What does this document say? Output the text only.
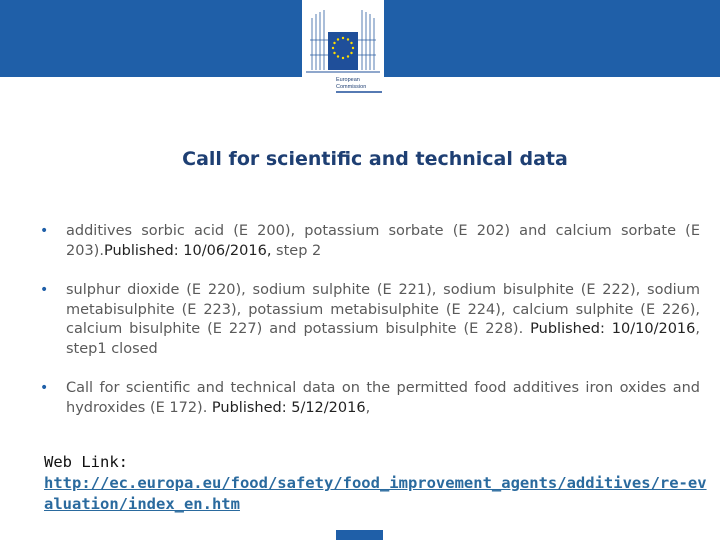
European
Commission
Call for scientific and technical data
• additives sorbic acid (E 200), potassium sorbate (E 202) and calcium sorbate (E 203).Published: 10/06/2016, step 2
• sulphur dioxide (E 220), sodium sulphite (E 221), sodium bisulphite (E 222), sodium metabisulphite (E 223), potassium metabisulphite (E 224), calcium sulphite (E 226), calcium bisulphite (E 227) and potassium bisulphite (E 228). Published: 10/10/2016, step1 closed
• Call for scientific and technical data on the permitted food additives iron oxides and hydroxides (E 172). Published: 5/12/2016,
Web Link:
http://ec.europa.eu/food/safety/food_improvement_agents/additives/re-evaluation/index_en.htm
